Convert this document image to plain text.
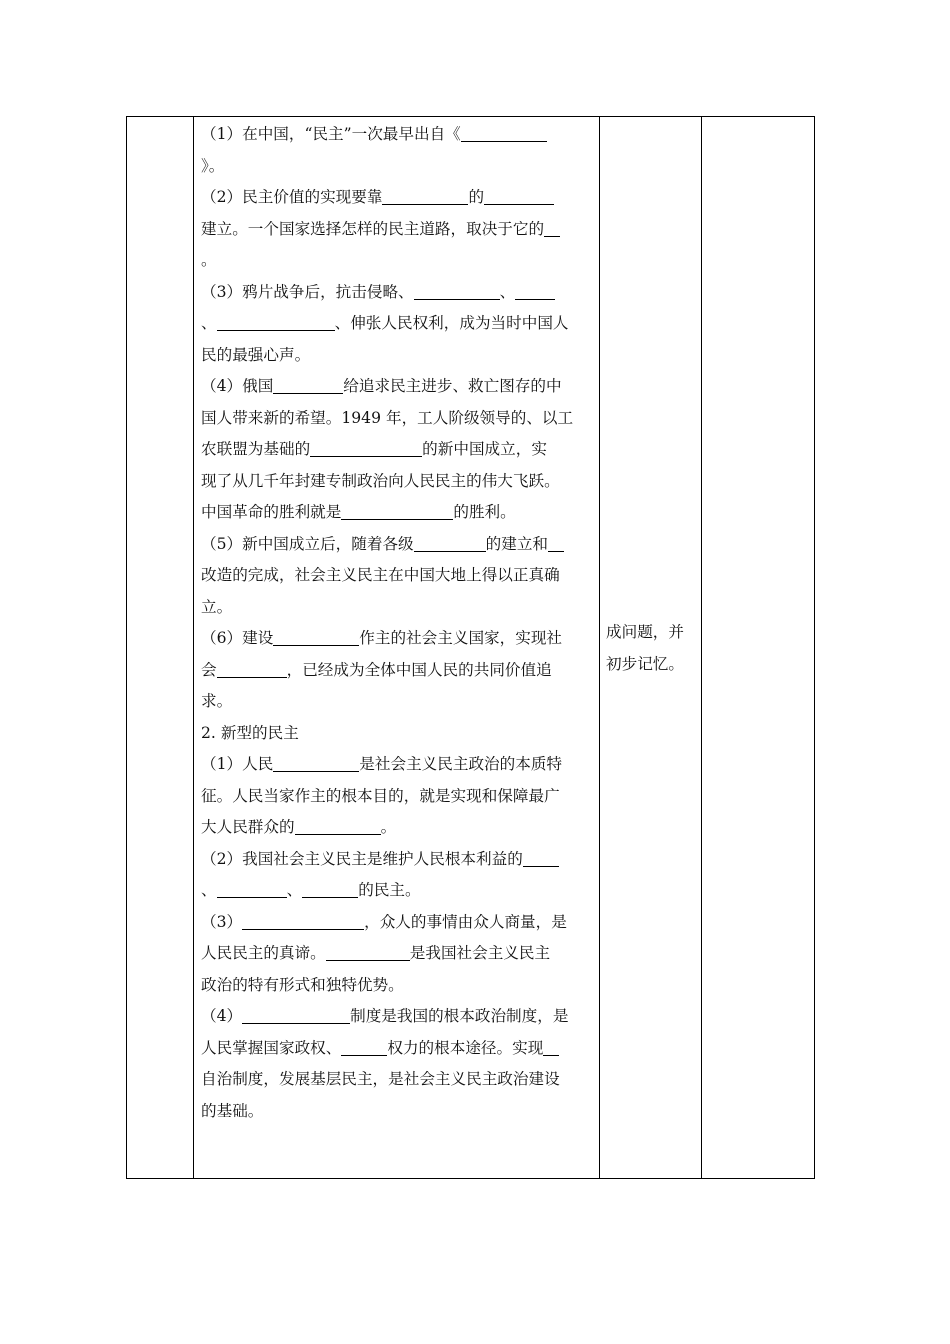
（1）在中国，“民主”一次最早出自《
》。
（2）民主价值的实现要靠	的
建立。一个国家选择怎样的民主道路，取决于它的
。
（3）鸦片战争后，抗击侵略、	、
、	、伸张人民权利，成为当时中国人
民的最强心声。
（4）俄国	给追求民主进步、救亡图存的中
国人带来新的希望。1949 年，工人阶级领导的、以工
农联盟为基础的	的新中国成立，实
现了从几千年封建专制政治向人民民主的伟大飞跃。
中国革命的胜利就是	的胜利。
（5）新中国成立后，随着各级	的建立和
改造的完成，社会主义民主在中国大地上得以正真确
立。
（6）建设	作主的社会主义国家，实现社
会	，已经成为全体中国人民的共同价值追
求。
2. 新型的民主
（1）人民	是社会主义民主政治的本质特
征。人民当家作主的根本目的，就是实现和保障最广
大人民群众的	。
（2）我国社会主义民主是维护人民根本利益的
、	、	的民主。
（3）	，众人的事情由众人商量，是
人民民主的真谛。	是我国社会主义民主
政治的特有形式和独特优势。
（4）	制度是我国的根本政治制度，是
人民掌握国家政权、	权力的根本途径。实现
自治制度，发展基层民主，是社会主义民主政治建设
的基础。
成问题，并
初步记忆。
